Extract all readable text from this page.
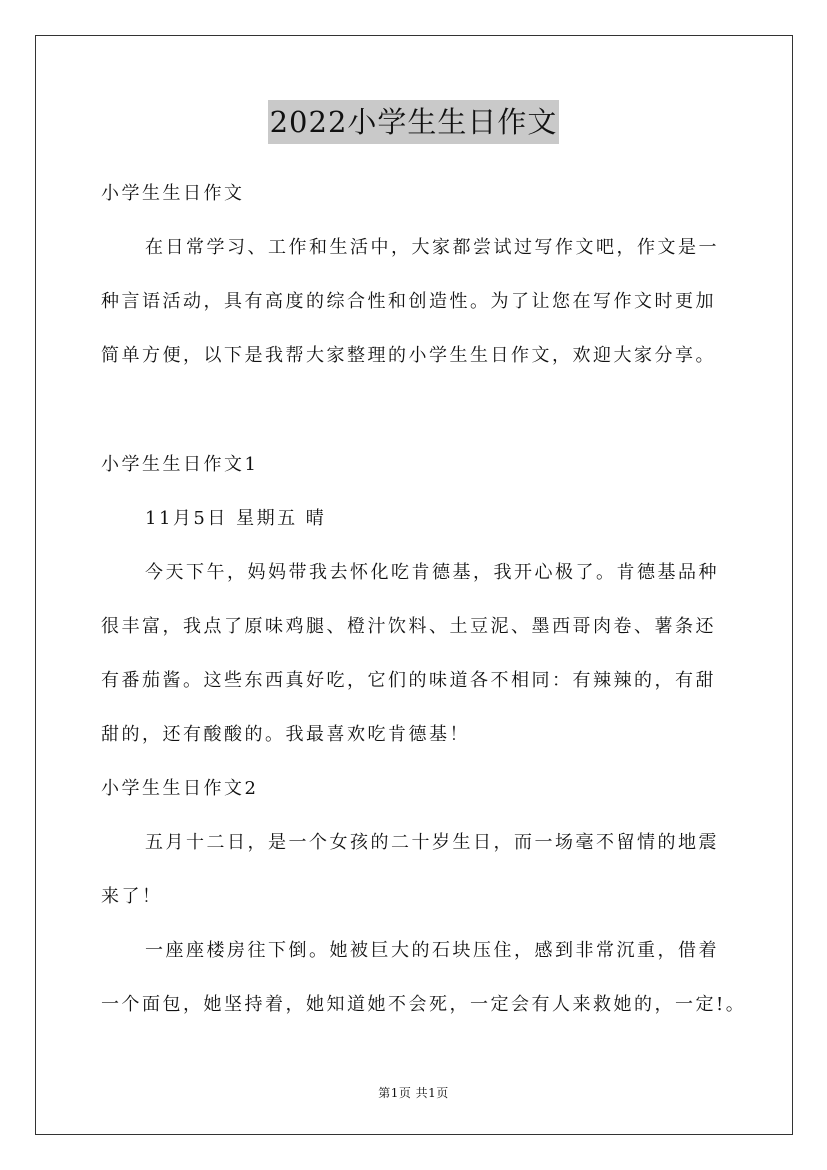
2022小学生生日作文
小学生生日作文
在日常学习、工作和生活中，大家都尝试过写作文吧，作文是一
种言语活动，具有高度的综合性和创造性。为了让您在写作文时更加
简单方便，以下是我帮大家整理的小学生生日作文，欢迎大家分享。
小学生生日作文1
11月5日 星期五 晴
今天下午，妈妈带我去怀化吃肯德基，我开心极了。肯德基品种
很丰富，我点了原味鸡腿、橙汁饮料、土豆泥、墨西哥肉卷、薯条还
有番茄酱。这些东西真好吃，它们的味道各不相同：有辣辣的，有甜
甜的，还有酸酸的。我最喜欢吃肯德基！
小学生生日作文2
五月十二日，是一个女孩的二十岁生日，而一场毫不留情的地震
来了！
一座座楼房往下倒。她被巨大的石块压住，感到非常沉重，借着
一个面包，她坚持着，她知道她不会死，一定会有人来救她的，一定!。
第1页 共1页
